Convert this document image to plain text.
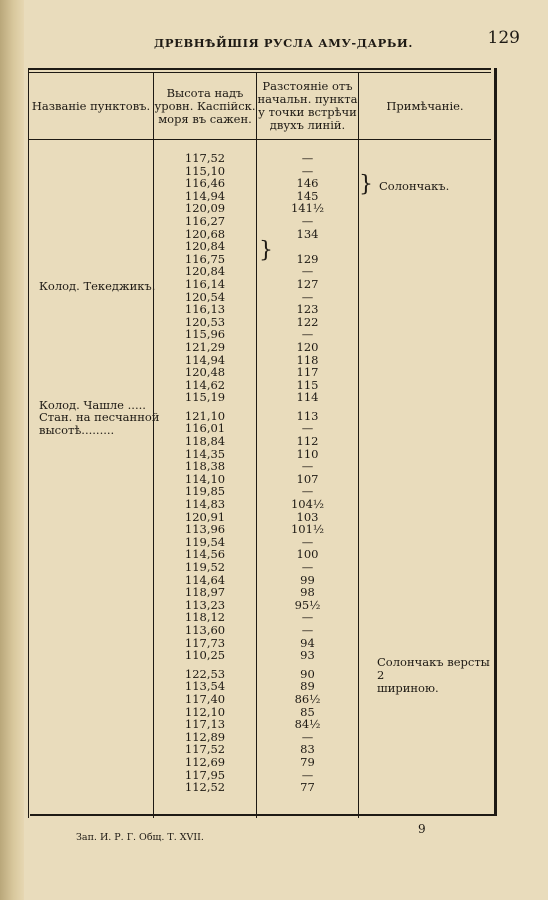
ДРЕВНѢЙШІЯ РУСЛА АМУ-ДАРЬИ.	129
Названіе пунктовъ.
Высота надъ
уровн. Каспійск.
моря въ сажен.
Разстояніе отъ
начальн. пункта
у точки встрѣчи
двухъ линій.
Примѣчаніе.
117,52
115,10
116,46
114,94
120,09
116,27
120,68
120,84
116,75
120,84
116,14
120,54
116,13
120,53
115,96
121,29
114,94
120,48
114,62
115,19
121,10
116,01
118,84
114,35
118,38
114,10
119,85
114,83
120,91
113,96
119,54
114,56
119,52
114,64
118,97
113,23
118,12
113,60
117,73
110,25
122,53
113,54
117,40
112,10
117,13
112,89
117,52
112,69
117,95
112,52
—
—
146
145
141½
—
134
129
—
127
—
123
122
—
120
118
117
115
114
113
—
112
110
—
107
—
104½
103
101½
—
100
—
99
98
95½
—
—
94
93
90
89
86½
85
84½
—
83
79
—
77
Колод. Текеджикъ.
Колод. Чашле .....
Стан. на песчанной
высотѣ.........
} Солончакъ.
}
Солончакъ версты 2
шириною.
Зап. И. Р. Г. Общ. Т. XVII.
9
